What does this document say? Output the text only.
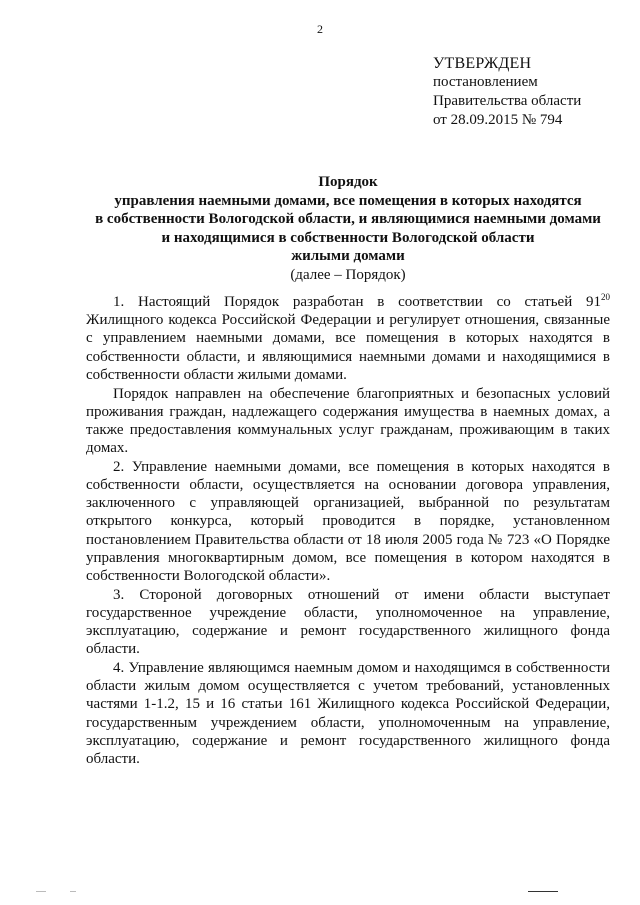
2
УТВЕРЖДЕН
постановлением
Правительства области
от 28.09.2015 № 794
Порядок
управления наемными домами, все помещения в которых находятся
в собственности Вологодской области, и являющимися наемными домами
и находящимися в собственности Вологодской области
жилыми домами
(далее – Порядок)

1. Настоящий Порядок разработан в соответствии со статьей $91^{20}$ Жилищного кодекса Российской Федерации и регулирует отношения, связанные с управлением наемными домами, все помещения в которых находятся в собственности области, и являющимися наемными домами и находящимися в собственности области жилыми домами.

Порядок направлен на обеспечение благоприятных и безопасных условий проживания граждан, надлежащего содержания имущества в наемных домах, а также предоставления коммунальных услуг гражданам, проживающим в таких домах.

2. Управление наемными домами, все помещения в которых находятся в собственности области, осуществляется на основании договора управления, заключенного с управляющей организацией, выбранной по результатам открытого конкурса, который проводится в порядке, установленном постановлением Правительства области от 18 июля 2005 года № 723 «О Порядке управления многоквартирным домом, все помещения в котором находятся в собственности Вологодской области».

3. Стороной договорных отношений от имени области выступает государственное учреждение области, уполномоченное на управление, эксплуатацию, содержание и ремонт государственного жилищного фонда области.

4. Управление являющимся наемным домом и находящимся в собственности области жилым домом осуществляется с учетом требований, установленных частями 1-1.2, 15 и 16 статьи 161 Жилищного кодекса Российской Федерации, государственным учреждением области, уполномоченным на управление, эксплуатацию, содержание и ремонт государственного жилищного фонда области.
